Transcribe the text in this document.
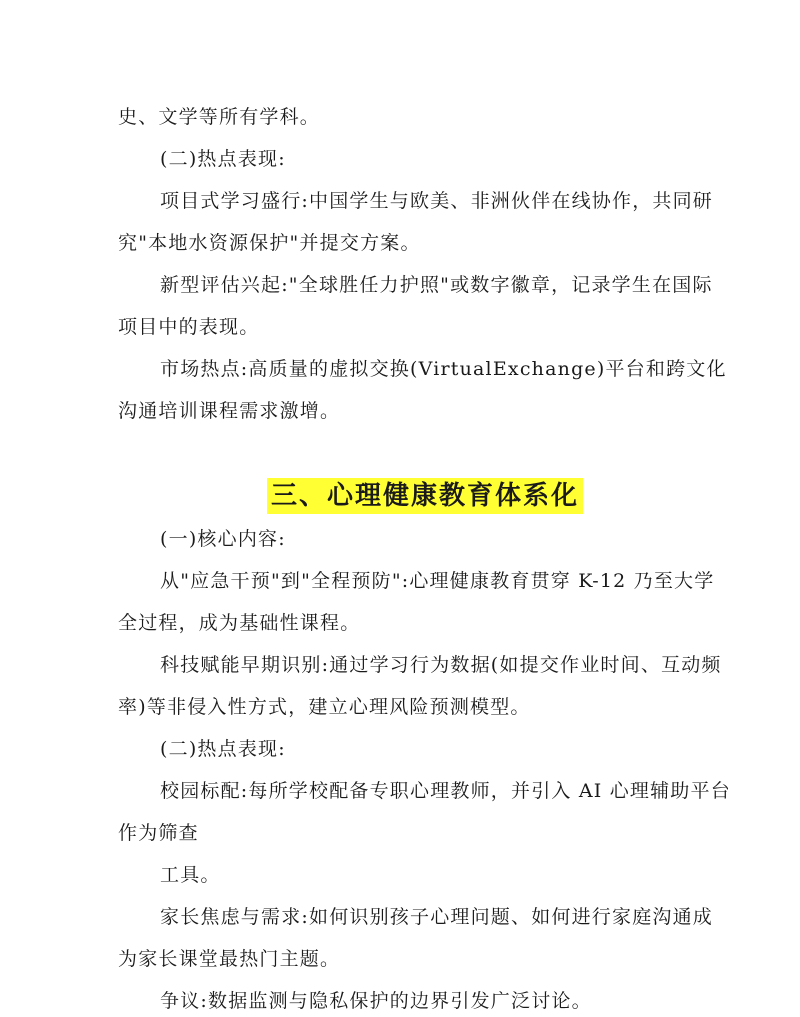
史、文学等所有学科。
(二)热点表现:
项目式学习盛行:中国学生与欧美、非洲伙伴在线协作，共同研
究"本地水资源保护"并提交方案。
新型评估兴起:"全球胜任力护照"或数字徽章，记录学生在国际
项目中的表现。
市场热点:高质量的虚拟交换(VirtualExchange)平台和跨文化
沟通培训课程需求激增。
三、心理健康教育体系化
(一)核心内容:
从"应急干预"到"全程预防":心理健康教育贯穿 K-12 乃至大学
全过程，成为基础性课程。
科技赋能早期识别:通过学习行为数据(如提交作业时间、互动频
率)等非侵入性方式，建立心理风险预测模型。
(二)热点表现:
校园标配:每所学校配备专职心理教师，并引入 AI 心理辅助平台
作为筛查
工具。
家长焦虑与需求:如何识别孩子心理问题、如何进行家庭沟通成
为家长课堂最热门主题。
争议:数据监测与隐私保护的边界引发广泛讨论。
